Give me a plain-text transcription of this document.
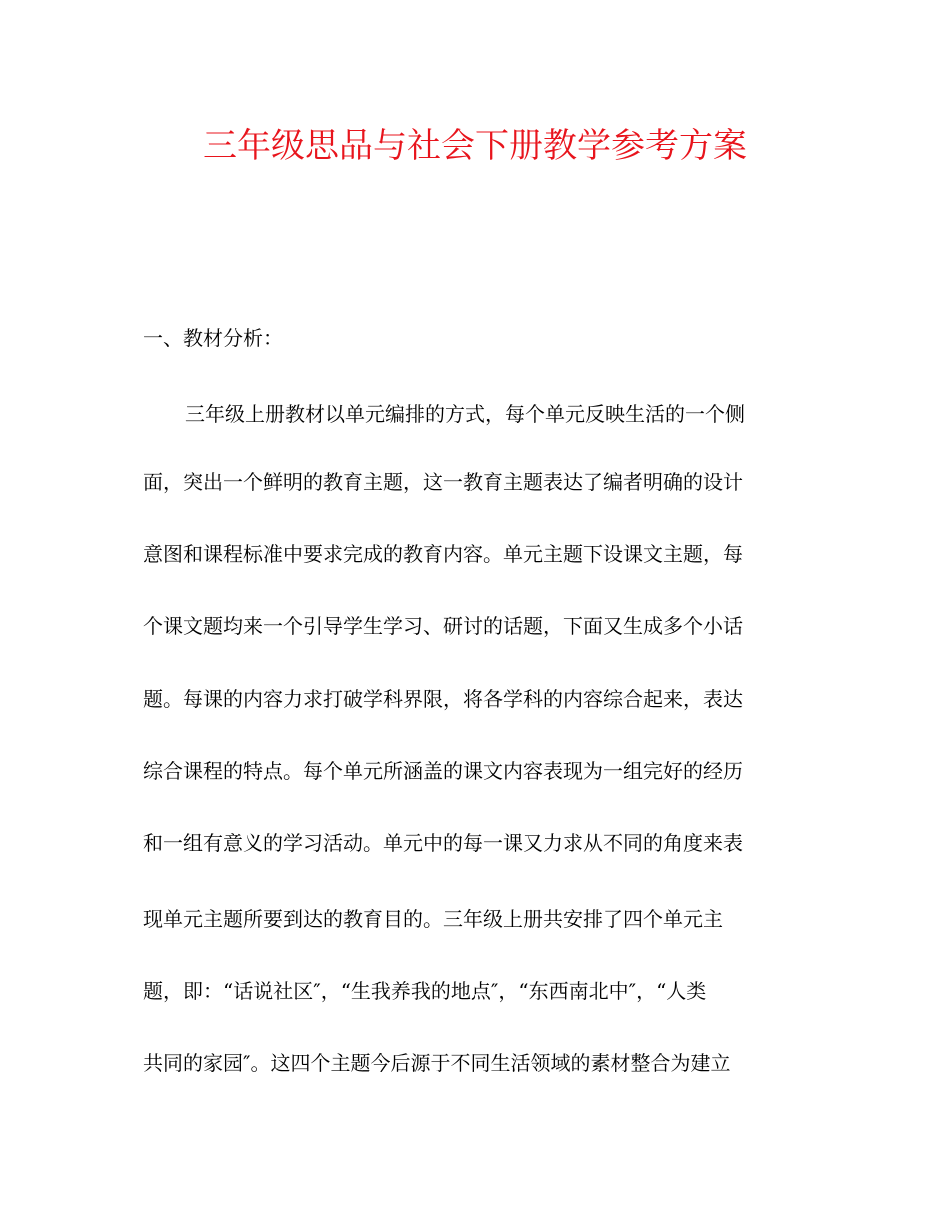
三年级思品与社会下册教学参考方案
一、教材分析：

三年级上册教材以单元编排的方式，每个单元反映生活的一个侧

面，突出一个鲜明的教育主题，这一教育主题表达了编者明确的设计

意图和课程标准中要求完成的教育内容。单元主题下设课文主题，每

个课文题均来一个引导学生学习、研讨的话题，下面又生成多个小话

题。每课的内容力求打破学科界限，将各学科的内容综合起来，表达

综合课程的特点。每个单元所涵盖的课文内容表现为一组完好的经历

和一组有意义的学习活动。单元中的每一课又力求从不同的角度来表

现单元主题所要到达的教育目的。三年级上册共安排了四个单元主

题，即：“话说社区″，“生我养我的地点″，“东西南北中″，“人类

共同的家园″。这四个主题今后源于不同生活领域的素材整合为建立
